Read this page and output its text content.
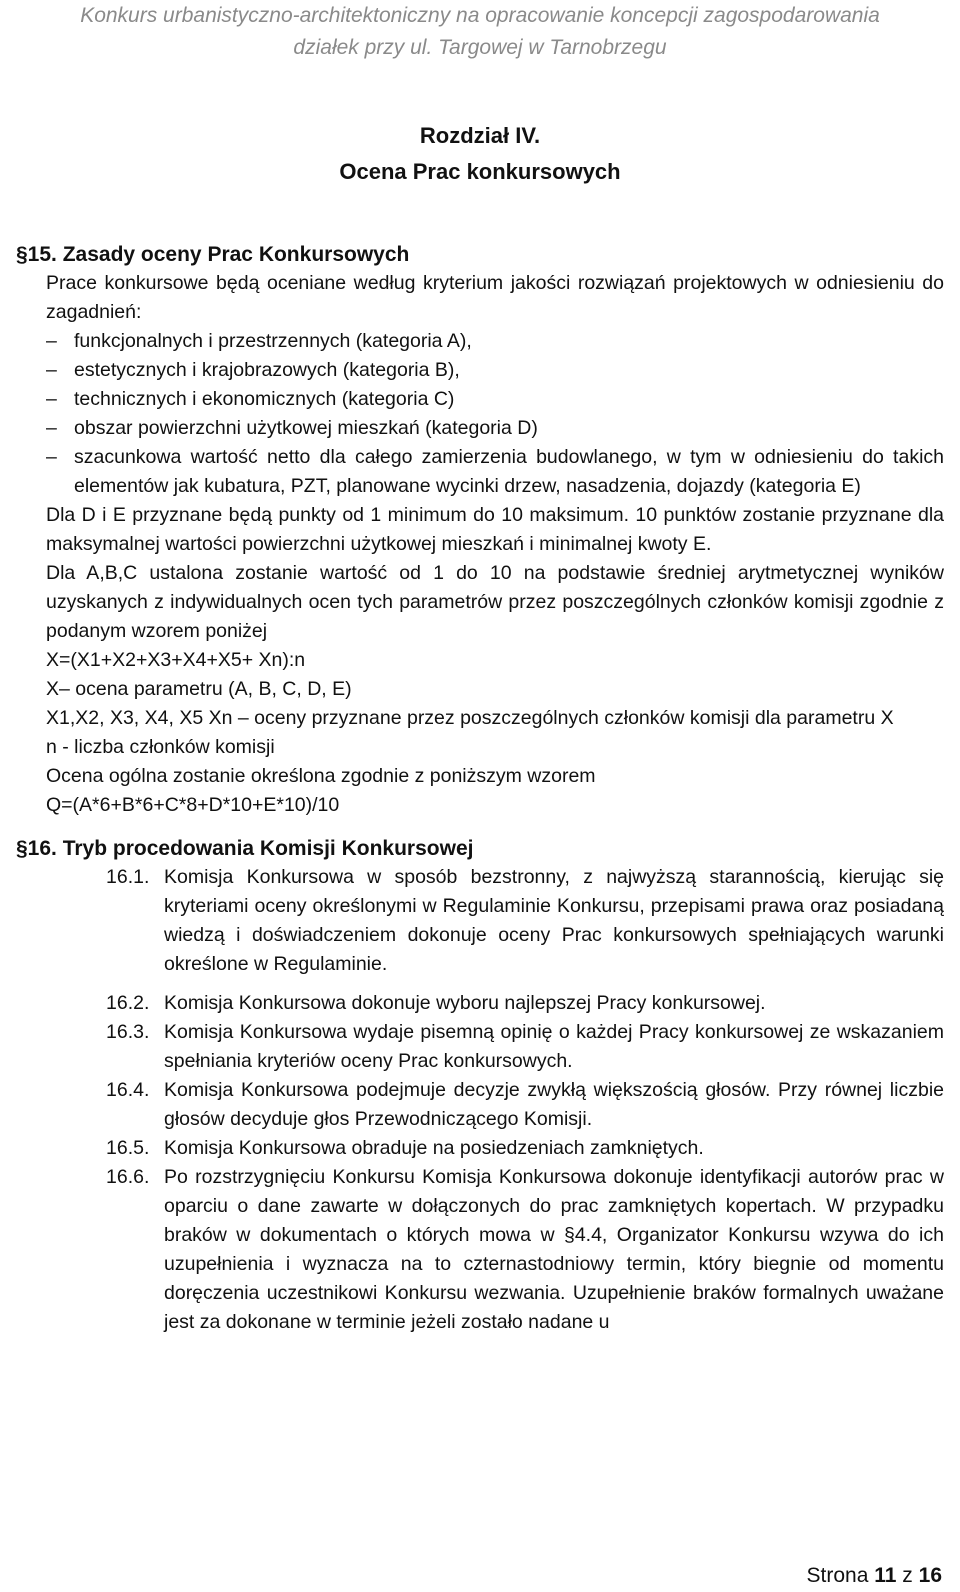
Konkurs urbanistyczno-architektoniczny na opracowanie koncepcji zagospodarowania
działek przy ul. Targowej w Tarnobrzegu
Rozdział IV.
Ocena Prac konkursowych
§15. Zasady oceny Prac Konkursowych

Prace konkursowe będą oceniane według kryterium jakości rozwiązań projektowych w odniesieniu do zagadnień:

– funkcjonalnych i przestrzennych (kategoria A),
– estetycznych i krajobrazowych (kategoria B),
– technicznych i ekonomicznych (kategoria C)
– obszar powierzchni użytkowej mieszkań (kategoria D)
– szacunkowa wartość netto dla całego zamierzenia budowlanego, w tym w odniesieniu do takich elementów jak kubatura, PZT, planowane wycinki drzew, nasadzenia, dojazdy (kategoria E)

Dla D i E przyznane będą punkty od 1 minimum do 10 maksimum. 10 punktów zostanie przyznane dla maksymalnej wartości powierzchni użytkowej mieszkań i minimalnej kwoty E.

Dla A,B,C ustalona zostanie wartość od 1 do 10 na podstawie średniej arytmetycznej wyników uzyskanych z indywidualnych ocen tych parametrów przez poszczególnych członków komisji zgodnie z podanym wzorem poniżej

X=(X1+X2+X3+X4+X5+ Xn):n

X– ocena parametru (A, B, C, D, E)

X1,X2, X3, X4, X5 Xn – oceny przyznane przez poszczególnych członków komisji dla parametru X

n - liczba członków komisji

Ocena ogólna zostanie określona zgodnie z poniższym wzorem

Q=(A*6+B*6+C*8+D*10+E*10)/10

§16. Tryb procedowania Komisji Konkursowej
16.1. Komisja Konkursowa w sposób bezstronny, z najwyższą starannością, kierując się kryteriami oceny określonymi w Regulaminie Konkursu, przepisami prawa oraz posiadaną wiedzą i doświadczeniem dokonuje oceny Prac konkursowych spełniających warunki określone w Regulaminie.
16.2. Komisja Konkursowa dokonuje wyboru najlepszej Pracy konkursowej.
16.3. Komisja Konkursowa wydaje pisemną opinię o każdej Pracy konkursowej ze wskazaniem spełniania kryteriów oceny Prac konkursowych.
16.4. Komisja Konkursowa podejmuje decyzje zwykłą większością głosów. Przy równej liczbie głosów decyduje głos Przewodniczącego Komisji.
16.5. Komisja Konkursowa obraduje na posiedzeniach zamkniętych.
16.6. Po rozstrzygnięciu Konkursu Komisja Konkursowa dokonuje identyfikacji autorów prac w oparciu o dane zawarte w dołączonych do prac zamkniętych kopertach. W przypadku braków w dokumentach o których mowa w §4.4, Organizator Konkursu wzywa do ich uzupełnienia i wyznacza na to czternastodniowy termin, który biegnie od momentu doręczenia uczestnikowi Konkursu wezwania. Uzupełnienie braków formalnych uważane jest za dokonane w terminie jeżeli zostało nadane u
Strona 11 z 16
